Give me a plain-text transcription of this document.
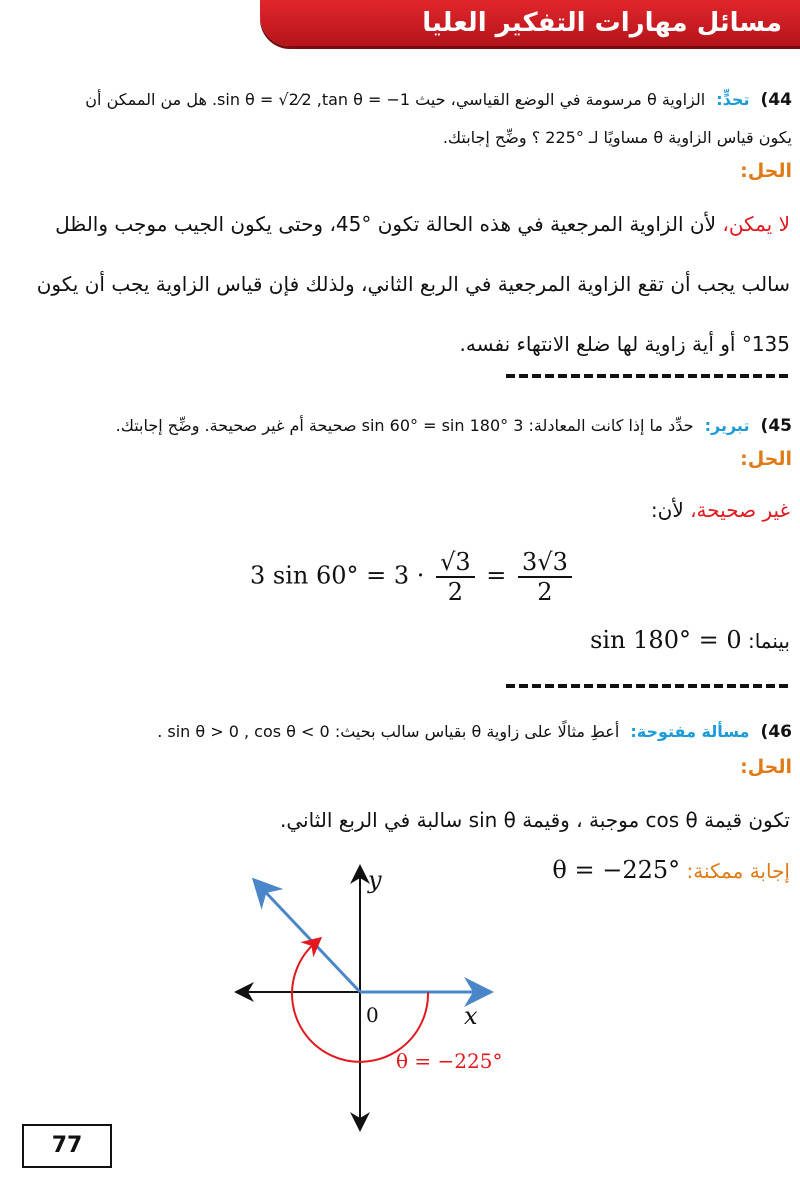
مسائل مهارات التفكير العليا
44) تحدٍّ: الزاوية θ مرسومة في الوضع القياسي، حيث sin θ = √2⁄2 ,tan θ = −1. هل من الممكن أن
يكون قياس الزاوية θ مساويًا لـ °225 ؟ وضِّح إجابتك.
الحل:
لا يمكن، لأن الزاوية المرجعية في هذه الحالة تكون °45، وحتى يكون الجيب موجب والظل
سالب يجب أن تقع الزاوية المرجعية في الربع الثاني، ولذلك فإن قياس الزاوية يجب أن يكون
°135 أو أية زاوية لها ضلع الانتهاء نفسه.
45) تبرير: حدِّد ما إذا كانت المعادلة: 3 sin 60° = sin 180° صحيحة أم غير صحيحة. وضِّح إجابتك.
الحل:
غير صحيحة، لأن:
3 $\sin 60^\circ = 3 \cdot \frac{√3}{2} = \frac{3√3}{2}$
بينما: sin 180° = 0
46) مسألة مفتوحة: أعطِ مثالًا على زاوية θ بقياس سالب بحيث: sin θ > 0 , cos θ < 0 .
الحل:
تكون قيمة cos θ موجبة ، وقيمة sin θ سالبة في الربع الثاني.
إجابة ممكنة: θ = −225°
y
x
0
θ = −225°
77
